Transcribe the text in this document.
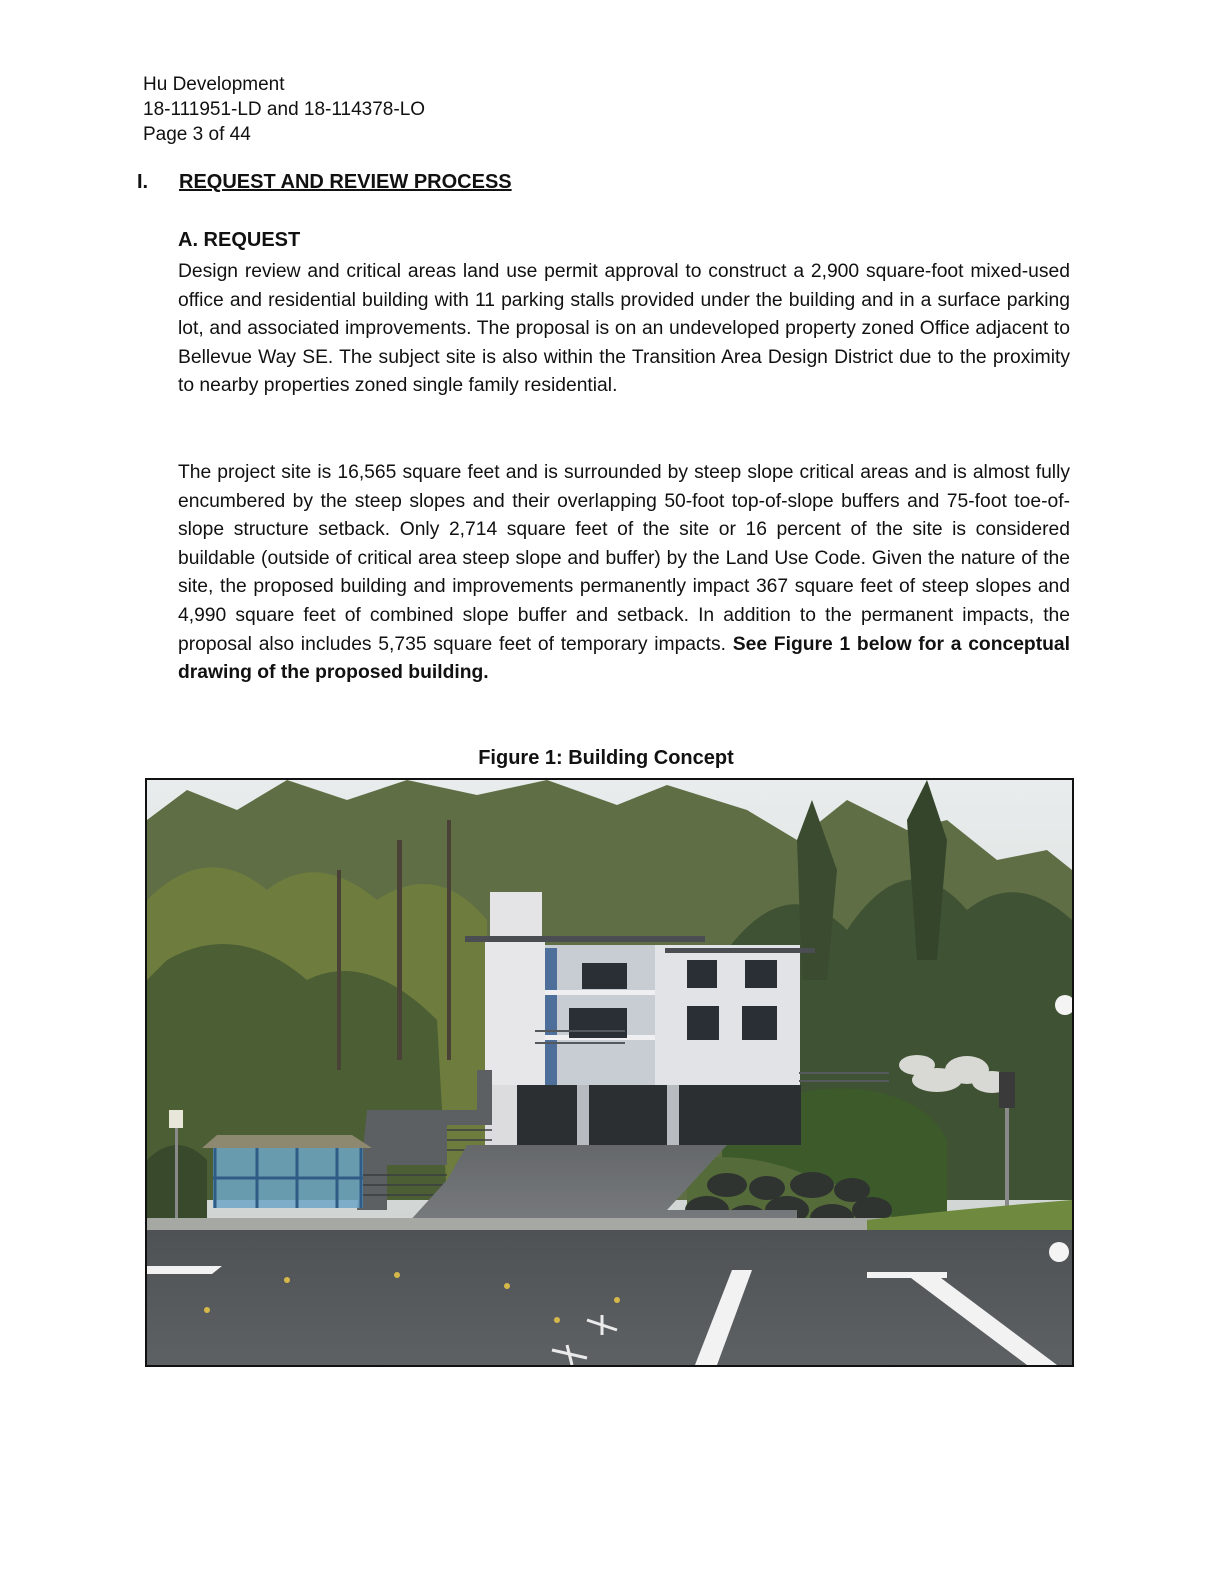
Hu Development
18-111951-LD and 18-114378-LO
Page 3 of 44
I. REQUEST AND REVIEW PROCESS
A. REQUEST

Design review and critical areas land use permit approval to construct a 2,900 square-foot mixed-used office and residential building with 11 parking stalls provided under the building and in a surface parking lot, and associated improvements. The proposal is on an undeveloped property zoned Office adjacent to Bellevue Way SE. The subject site is also within the Transition Area Design District due to the proximity to nearby properties zoned single family residential.

The project site is 16,565 square feet and is surrounded by steep slope critical areas and is almost fully encumbered by the steep slopes and their overlapping 50-foot top-of-slope buffers and 75-foot toe-of-slope structure setback. Only 2,714 square feet of the site or 16 percent of the site is considered buildable (outside of critical area steep slope and buffer) by the Land Use Code. Given the nature of the site, the proposed building and improvements permanently impact 367 square feet of steep slopes and 4,990 square feet of combined slope buffer and setback. In addition to the permanent impacts, the proposal also includes 5,735 square feet of temporary impacts. See Figure 1 below for a conceptual drawing of the proposed building.

Figure 1: Building Concept
